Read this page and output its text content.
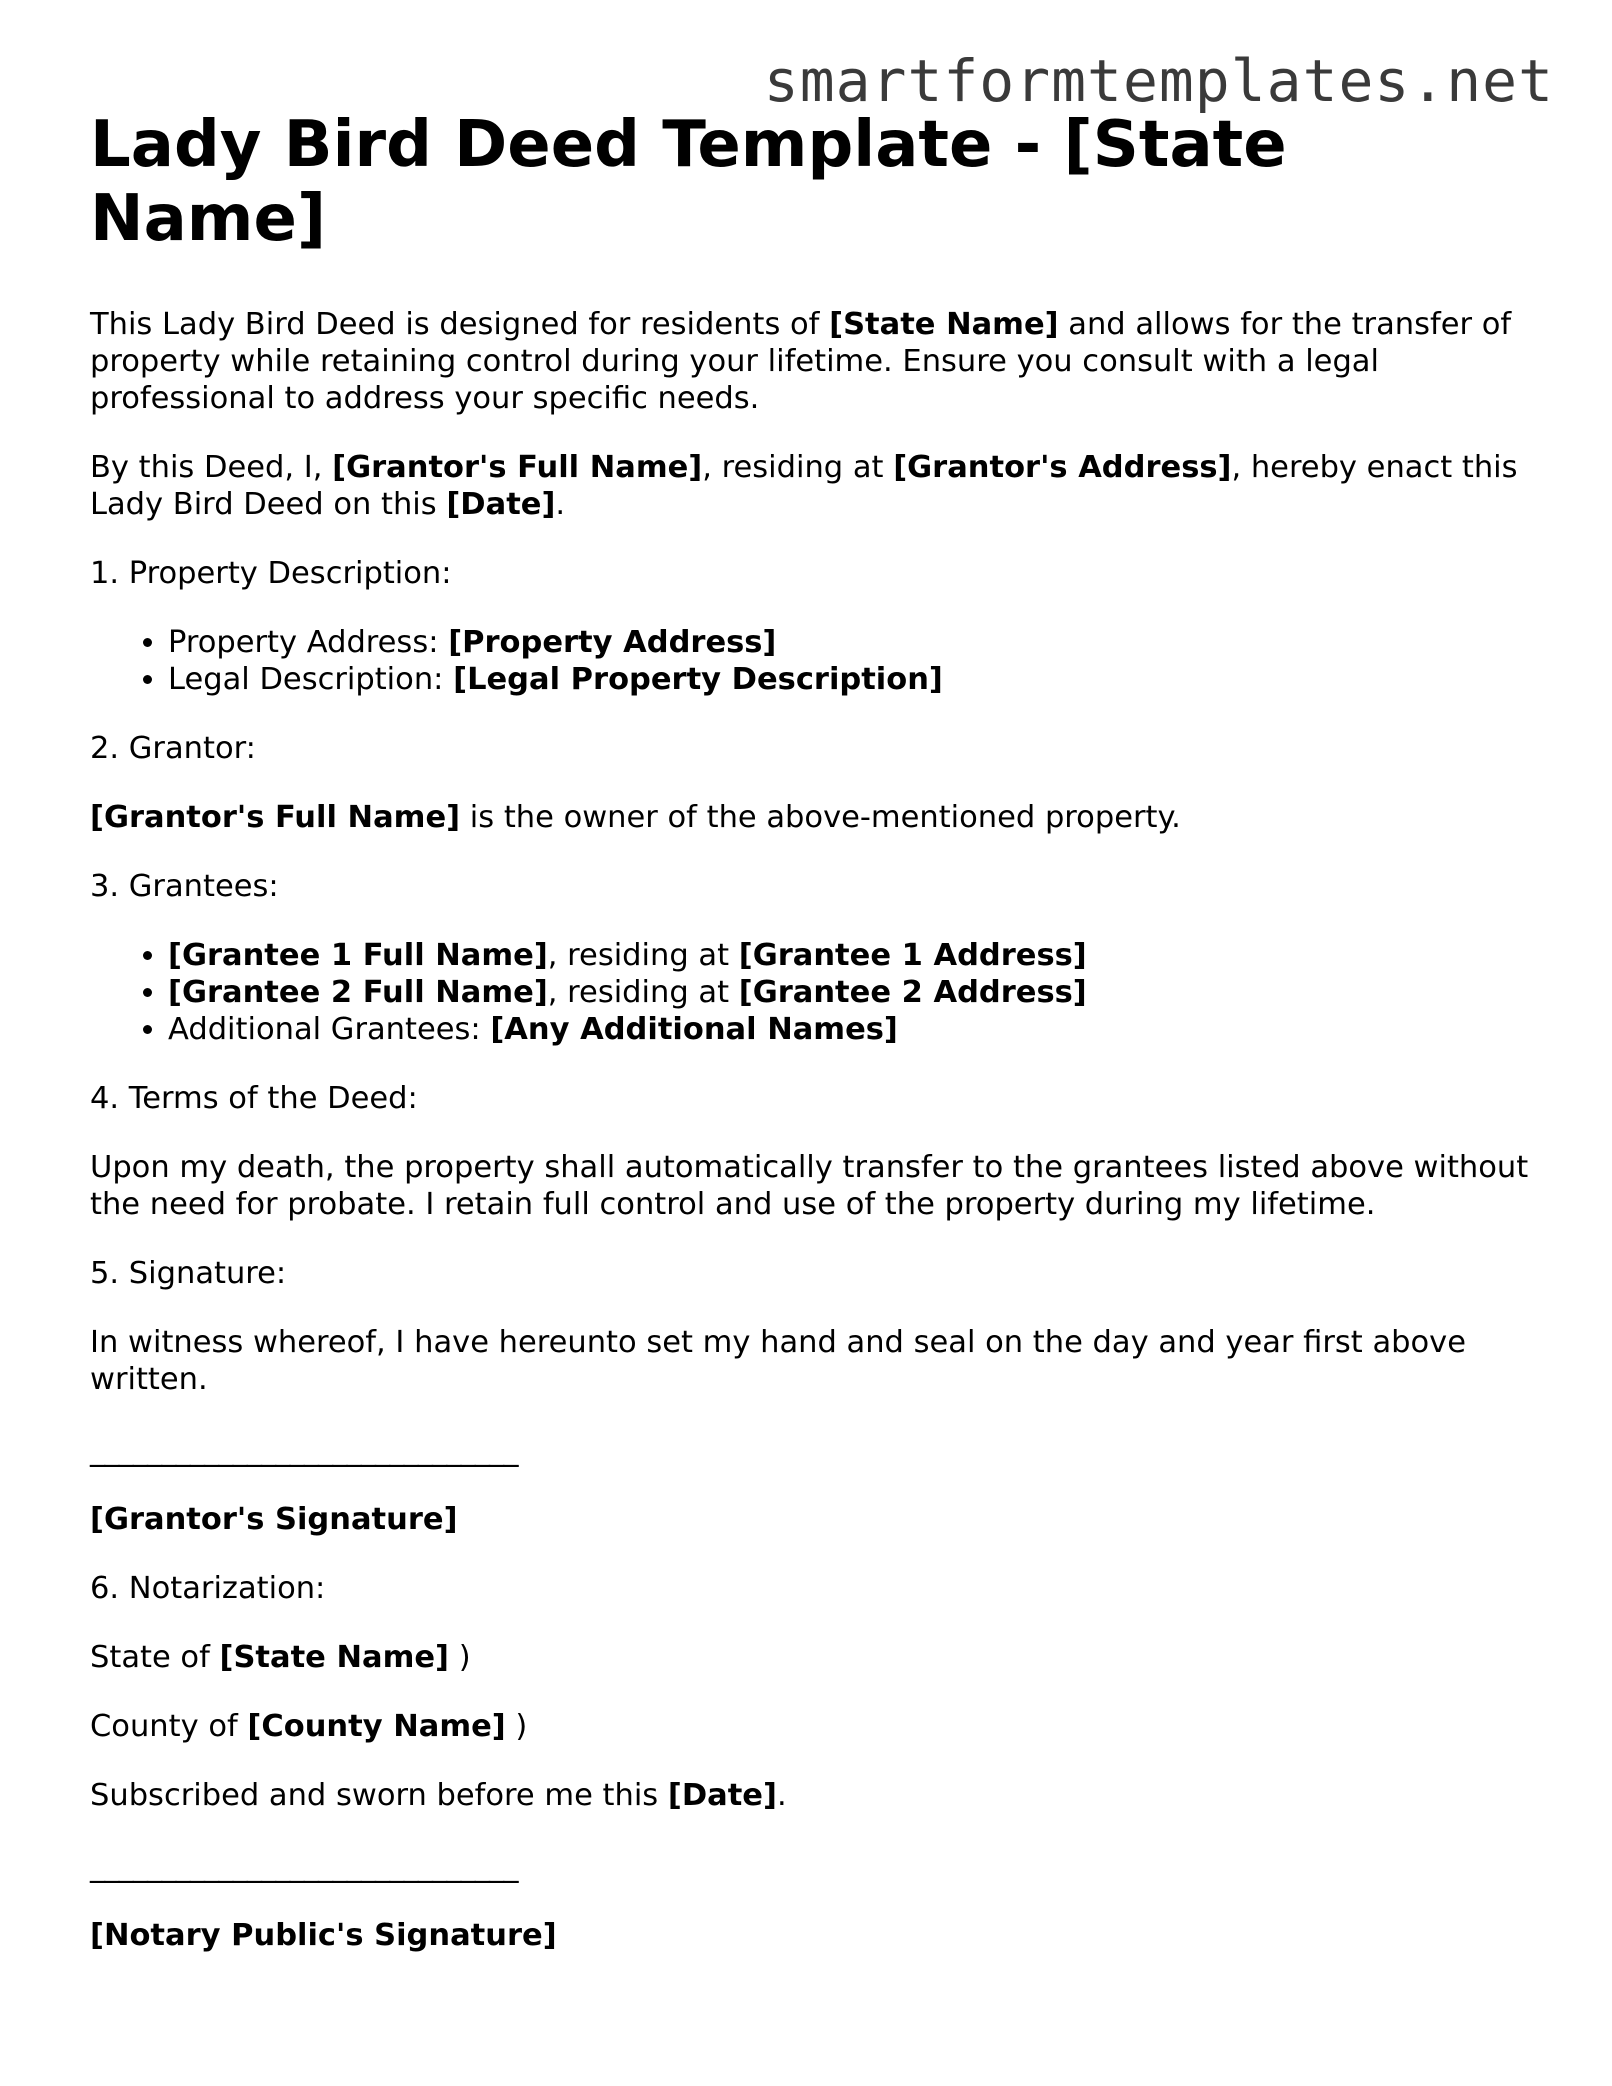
smartformtemplates.net
Lady Bird Deed Template - [State Name]

This Lady Bird Deed is designed for residents of [State Name] and allows for the transfer of property while retaining control during your lifetime. Ensure you consult with a legal professional to address your specific needs.

By this Deed, I, [Grantor's Full Name], residing at [Grantor's Address], hereby enact this Lady Bird Deed on this [Date].

1. Property Description:

• Property Address: [Property Address]
• Legal Description: [Legal Property Description]

2. Grantor:

[Grantor's Full Name] is the owner of the above-mentioned property.

3. Grantees:

• [Grantee 1 Full Name], residing at [Grantee 1 Address]
• [Grantee 2 Full Name], residing at [Grantee 2 Address]
• Additional Grantees: [Any Additional Names]

4. Terms of the Deed:

Upon my death, the property shall automatically transfer to the grantees listed above without the need for probate. I retain full control and use of the property during my lifetime.

5. Signature:

In witness whereof, I have hereunto set my hand and seal on the day and year first above written.

______________________________

[Grantor's Signature]

6. Notarization:

State of [State Name] )

County of [County Name] )

Subscribed and sworn before me this [Date].

______________________________

[Notary Public's Signature]
